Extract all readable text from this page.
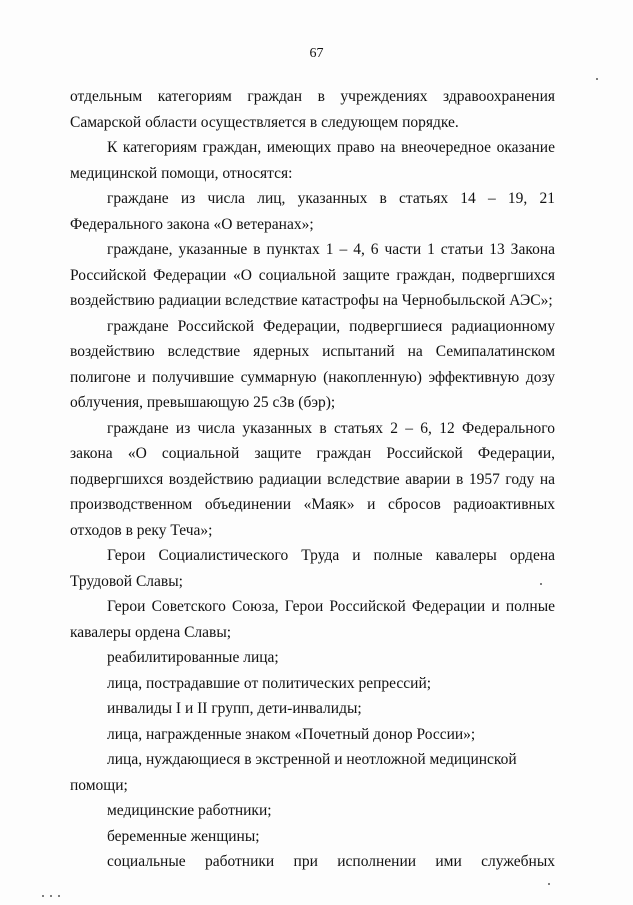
67

отдельным категориям граждан в учреждениях здравоохранения Самарской области осуществляется в следующем порядке.

К категориям граждан, имеющих право на внеочередное оказание медицинской помощи, относятся:

граждане из числа лиц, указанных в статьях 14 – 19, 21 Федерального закона «О ветеранах»;

граждане, указанные в пунктах 1 – 4, 6 части 1 статьи 13 Закона Российской Федерации «О социальной защите граждан, подвергшихся воздействию радиации вследствие катастрофы на Чернобыльской АЭС»;

граждане Российской Федерации, подвергшиеся радиационному воздействию вследствие ядерных испытаний на Семипалатинском полигоне и получившие суммарную (накопленную) эффективную дозу облучения, превышающую 25 сЗв (бэр);

граждане из числа указанных в статьях 2 – 6, 12 Федерального закона «О социальной защите граждан Российской Федерации, подвергшихся воздействию радиации вследствие аварии в 1957 году на производственном объединении «Маяк» и сбросов радиоактивных отходов в реку Теча»;

Герои Социалистического Труда и полные кавалеры ордена Трудовой Славы;

Герои Советского Союза, Герои Российской Федерации и полные кавалеры ордена Славы;

реабилитированные лица;

лица, пострадавшие от политических репрессий;

инвалиды I и II групп, дети-инвалиды;

лица, награжденные знаком «Почетный донор России»;

лица, нуждающиеся в экстренной и неотложной медицинской помощи;

медицинские работники;

беременные женщины;

социальные работники при исполнении ими служебных
